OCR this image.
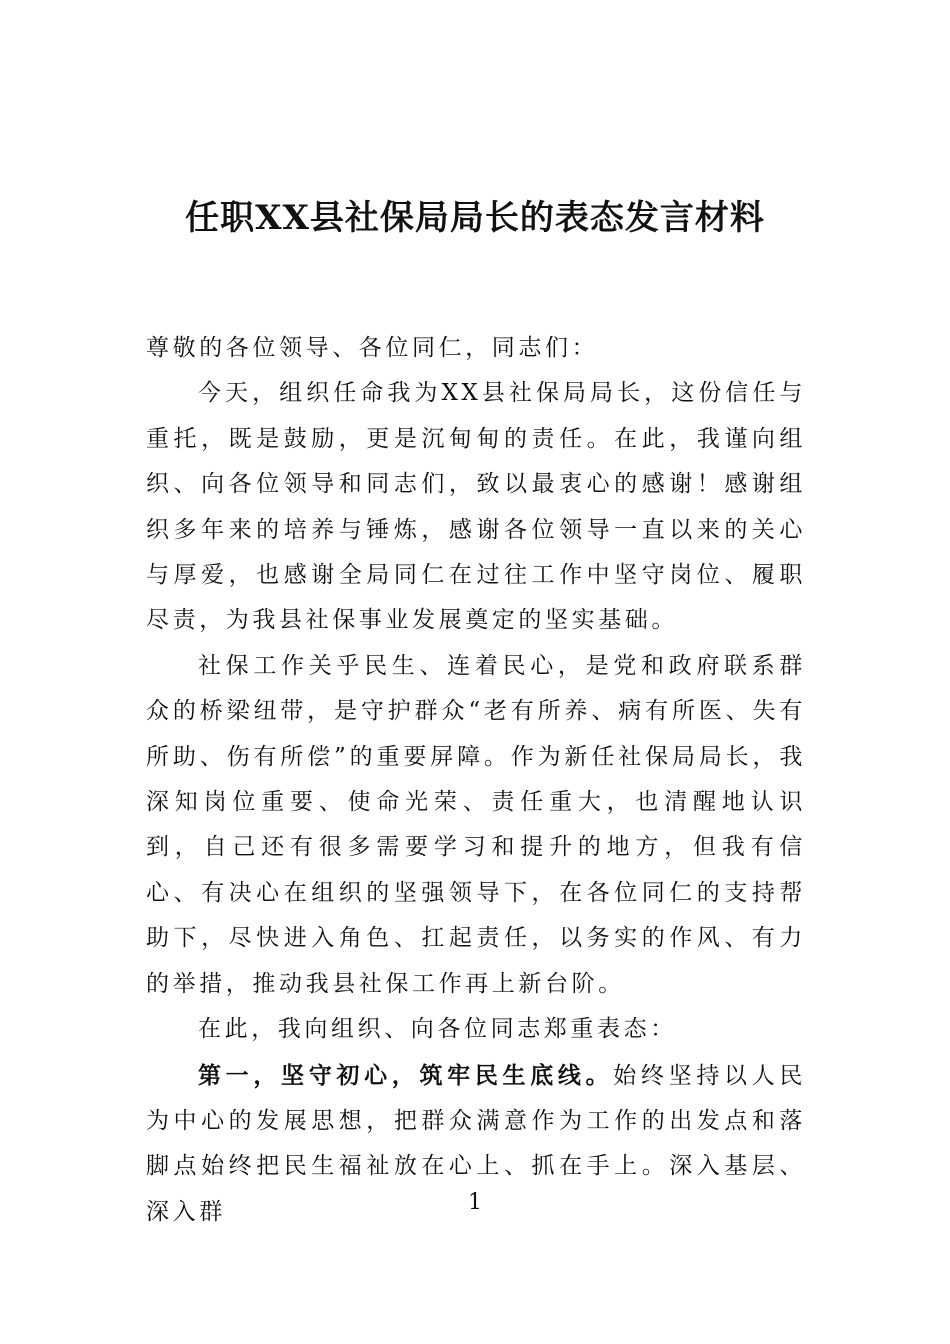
任职XX县社保局局长的表态发言材料

尊敬的各位领导、各位同仁，同志们：

今天，组织任命我为XX县社保局局长，这份信任与重托，既是鼓励，更是沉甸甸的责任。在此，我谨向组织、向各位领导和同志们，致以最衷心的感谢！感谢组织多年来的培养与锤炼，感谢各位领导一直以来的关心与厚爱，也感谢全局同仁在过往工作中坚守岗位、履职尽责，为我县社保事业发展奠定的坚实基础。

社保工作关乎民生、连着民心，是党和政府联系群众的桥梁纽带，是守护群众“老有所养、病有所医、失有所助、伤有所偿”的重要屏障。作为新任社保局局长，我深知岗位重要、使命光荣、责任重大，也清醒地认识到，自己还有很多需要学习和提升的地方，但我有信心、有决心在组织的坚强领导下，在各位同仁的支持帮助下，尽快进入角色、扛起责任，以务实的作风、有力的举措，推动我县社保工作再上新台阶。

在此，我向组织、向各位同志郑重表态：

第一，坚守初心，筑牢民生底线。始终坚持以人民为中心的发展思想，把群众满意作为工作的出发点和落脚点始终把民生福祉放在心上、抓在手上。深入基层、深入群	1
